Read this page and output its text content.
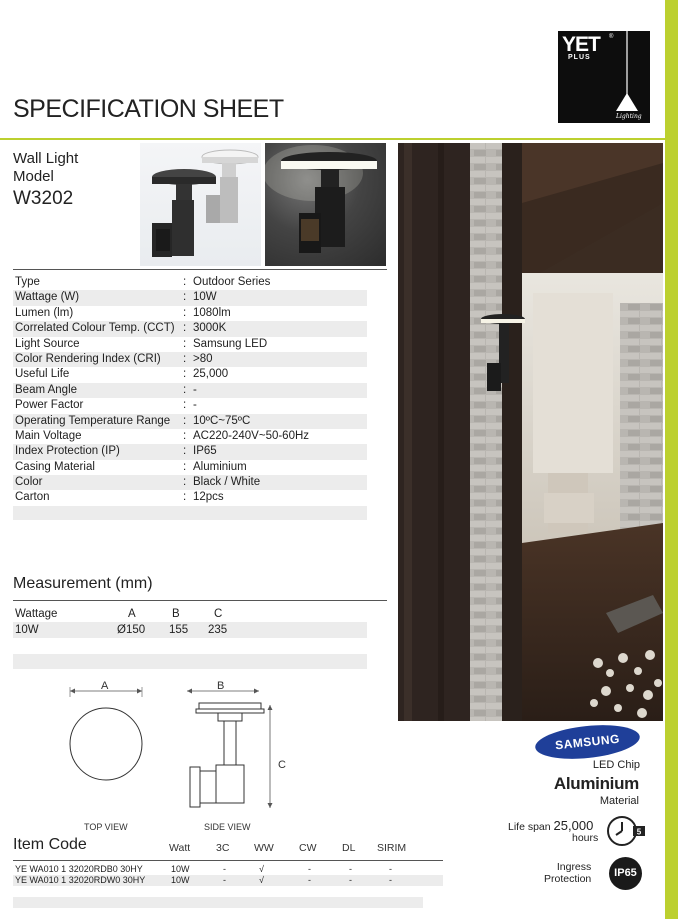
YET ®
PLUS
Lighting
SPECIFICATION SHEET
Wall Light
Model
W3202
Type	: Outdoor Series
Wattage (W)	: 10W
Lumen (lm)	: 1080lm
Correlated Colour Temp. (CCT) : 3000K
Light Source	: Samsung LED
Color Rendering Index (CRI) : >80
Useful Life	: 25,000
Beam Angle	: -
Power Factor	: -
Operating Temperature Range : 10ºC~75ºC
Main Voltage	: AC220-240V~50-60Hz
Index Protection (IP)	: IP65
Casing Material	: Aluminium
Color	: Black / White
Carton	: 12pcs
Measurement (mm)
Wattage	A	B	C
10W	Ø150 155 235
A	B
C
TOP VIEW	SIDE VIEW
Item Code	Watt 3C WW CW DL SIRIM
YE WA010 1 32020RDB0 30HY	10W	-	√	-	-	-
YE WA010 1 32020RDW0 30HY	10W	-	√	-	-	-
SAMSUNG
LED Chip
Aluminium
Material
Life span 25,000
hours	5
Ingress
Protection	IP65
